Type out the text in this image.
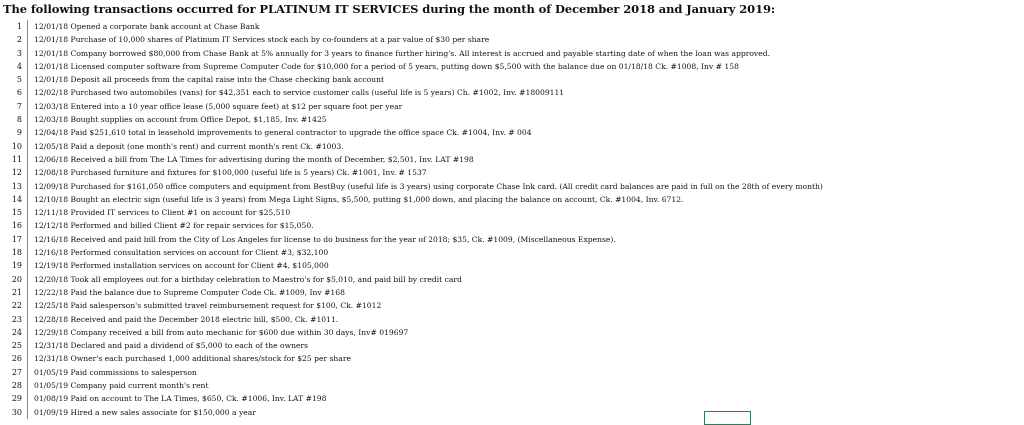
The following transactions occurred for PLATINUM IT SERVICES during the month of December 2018 and January 2019:
1 12/01/18 Opened a corporate bank account at Chase Bank
2 12/01/18 Purchase of 10,000 shares of Platinum IT Services stock each by co-founders at a par value of $30 per share
3 12/01/18 Company borrowed $80,000 from Chase Bank at 5% annually for 3 years to finance further hiring's. All interest is accrued and payable starting date of when the loan was approved.
4 12/01/18 Licensed computer software from Supreme Computer Code for $10,000 for a period of 5 years, putting down $5,500 with the balance due on 01/18/18 Ck. #1008, Inv # 158
5 12/01/18 Deposit all proceeds from the capital raise into the Chase checking bank account
6 12/02/18 Purchased two automobiles (vans) for $42,351 each to service customer calls (useful life is 5 years) Ch. #1002, Inv. #18009111
7 12/03/18 Entered into a 10 year office lease (5,000 square feet) at $12 per square foot per year
8 12/03/18 Bought supplies on account from Office Depot, $1,185, Inv. #1425
9 12/04/18 Paid $251,610 total in leasehold improvements to general contractor to upgrade the office space Ck. #1004, Inv. # 004
10 12/05/18 Paid a deposit (one month's rent) and current month's rent Ck. #1003.
11 12/06/18 Received a bill from The LA Times for advertising during the month of December, $2,501, Inv. LAT #198
12 12/08/18 Purchased furniture and fixtures for $100,000 (useful life is 5 years) Ck. #1001, Inv. # 1537
13 12/09/18 Purchased for $161,050 office computers and equipment from BestBuy (useful life is 3 years) using corporate Chase Ink card. (All credit card balances are paid in full on the 28th of every month)
14 12/10/18 Bought an electric sign (useful life is 3 years) from Mega Light Signs, $5,500, putting $1,000 down, and placing the balance on account, Ck. #1004, Inv. 6712.
15 12/11/18 Provided IT services to Client #1 on account for $25,510
16 12/12/18 Performed and billed Client #2 for repair services for $15,050.
17 12/16/18 Received and paid bill from the City of Los Angeles for license to do business for the year of 2018; $35, Ck. #1009, (Miscellaneous Expense).
18 12/16/18 Performed consultation services on account for Client #3, $32,100
19 12/19/18 Performed installation services on account for Client #4, $105,000
20 12/20/18 Took all employees out for a birthday celebration to Maestro's for $5,010, and paid bill by credit card
21 12/22/18 Paid the balance due to Supreme Computer Code Ck. #1009, Inv #168
22 12/25/18 Paid salesperson's submitted travel reimbursement request for $100, Ck. #1012
23 12/28/18 Received and paid the December 2018 electric bill, $500, Ck. #1011.
24 12/29/18 Company received a bill from auto mechanic for $600 due within 30 days, Inv# 019697
25 12/31/18 Declared and paid a dividend of $5,000 to each of the owners
26 12/31/18 Owner's each purchased 1,000 additional shares/stock for $25 per share
27 01/05/19 Paid commissions to salesperson
28 01/05/19 Company paid current month's rent
29 01/08/19 Paid on account to The LA Times, $650, Ck. #1006, Inv. LAT #198
30 01/09/19 Hired a new sales associate for $150,000 a year
